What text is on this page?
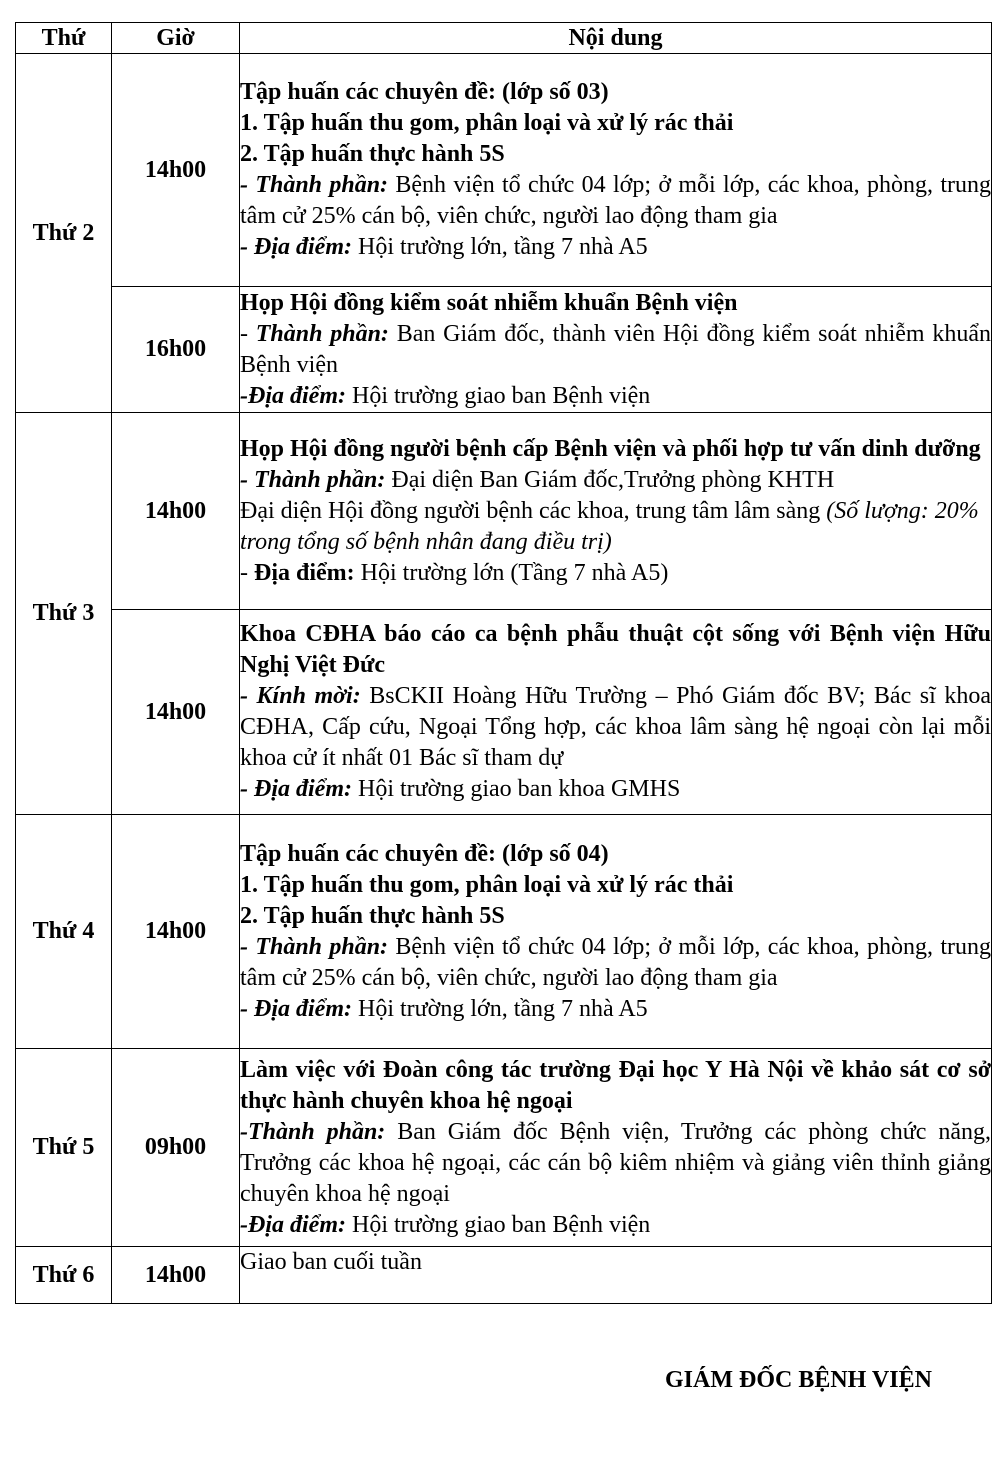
Thứ	Giờ	Nội dung
Thứ 2	14h00	Tập huấn các chuyên đề: (lớp số 03)
1. Tập huấn thu gom, phân loại và xử lý rác thải
2. Tập huấn thực hành 5S
- Thành phần: Bệnh viện tổ chức 04 lớp; ở mỗi lớp, các khoa, phòng, trung tâm cử 25% cán bộ, viên chức, người lao động tham gia
- Địa điểm: Hội trường lớn, tầng 7 nhà A5

	16h00	Họp Hội đồng kiểm soát nhiễm khuẩn Bệnh viện
- Thành phần: Ban Giám đốc, thành viên Hội đồng kiểm soát nhiễm khuẩn Bệnh viện
-Địa điểm: Hội trường giao ban Bệnh viện

Thứ 3	14h00	Họp Hội đồng người bệnh cấp Bệnh viện và phối hợp tư vấn dinh dưỡng
- Thành phần: Đại diện Ban Giám đốc,Trưởng phòng KHTH
Đại diện Hội đồng người bệnh các khoa, trung tâm lâm sàng (Số lượng: 20% trong tổng số bệnh nhân đang điều trị)
- Địa điểm: Hội trường lớn (Tầng 7 nhà A5)

	14h00	Khoa CĐHA báo cáo ca bệnh phẫu thuật cột sống với Bệnh viện Hữu Nghị Việt Đức
- Kính mời: BsCKII Hoàng Hữu Trường – Phó Giám đốc BV; Bác sĩ khoa CĐHA, Cấp cứu, Ngoại Tổng hợp, các khoa lâm sàng hệ ngoại còn lại mỗi khoa cử ít nhất 01 Bác sĩ tham dự
- Địa điểm: Hội trường giao ban khoa GMHS

Thứ 4	14h00	Tập huấn các chuyên đề: (lớp số 04)
1. Tập huấn thu gom, phân loại và xử lý rác thải
2. Tập huấn thực hành 5S
- Thành phần: Bệnh viện tổ chức 04 lớp; ở mỗi lớp, các khoa, phòng, trung tâm cử 25% cán bộ, viên chức, người lao động tham gia
- Địa điểm: Hội trường lớn, tầng 7 nhà A5

Thứ 5	09h00	Làm việc với Đoàn công tác trường Đại học Y Hà Nội về khảo sát cơ sở thực hành chuyên khoa hệ ngoại
-Thành phần: Ban Giám đốc Bệnh viện, Trưởng các phòng chức năng, Trưởng các khoa hệ ngoại, các cán bộ kiêm nhiệm và giảng viên thỉnh giảng chuyên khoa hệ ngoại
-Địa điểm: Hội trường giao ban Bệnh viện

Thứ 6	14h00	Giao ban cuối tuần
GIÁM ĐỐC BỆNH VIỆN
